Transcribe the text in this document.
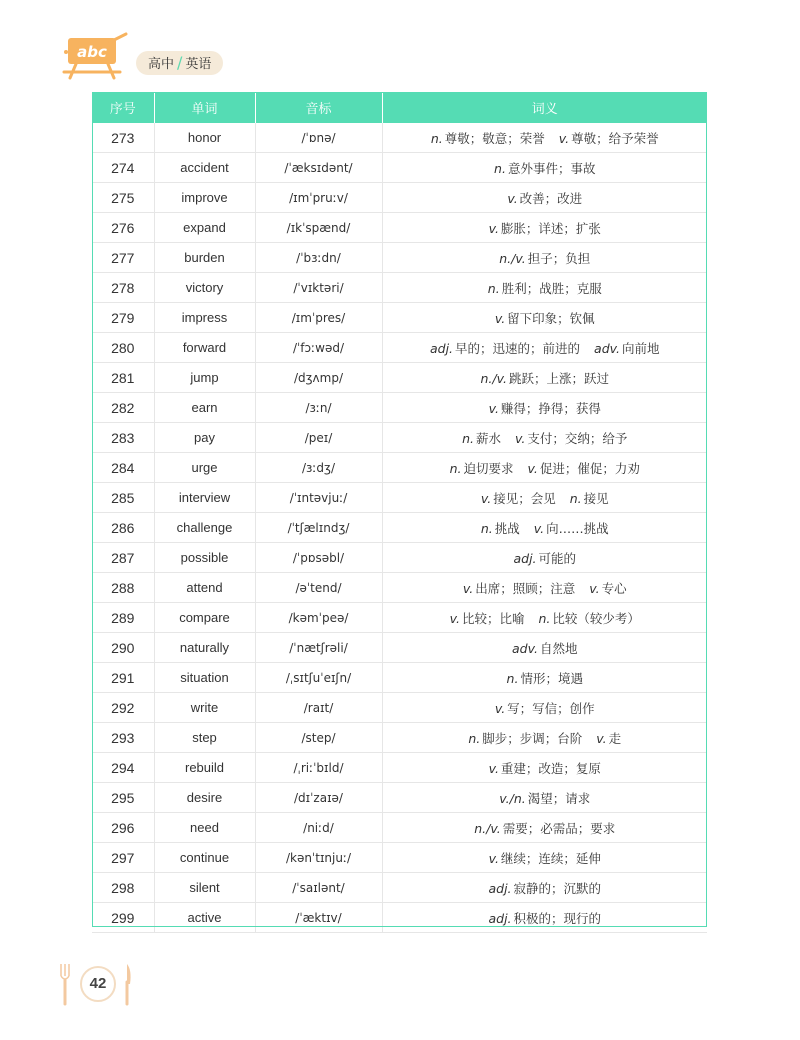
abc
高中 / 英语
序号	单词	音标	词义
273	honor	/ˈɒnə/	n. 尊敬；敬意；荣誉 v. 尊敬；给予荣誉
274	accident	/ˈæksɪdənt/	n. 意外事件；事故
275	improve	/ɪmˈpruːv/	v. 改善；改进
276	expand	/ɪkˈspænd/	v. 膨胀；详述；扩张
277	burden	/ˈbɜːdn/	n./v. 担子；负担
278	victory	/ˈvɪktəri/	n. 胜利；战胜；克服
279	impress	/ɪmˈpres/	v. 留下印象；钦佩
280	forward	/ˈfɔːwəd/	adj. 早的；迅速的；前进的 adv. 向前地
281	jump	/dʒʌmp/	n./v. 跳跃；上涨；跃过
282	earn	/ɜːn/	v. 赚得；挣得；获得
283	pay	/peɪ/	n. 薪水 v. 支付；交纳；给予
284	urge	/ɜːdʒ/	n. 迫切要求 v. 促进；催促；力劝
285	interview	/ˈɪntəvjuː/	v. 接见；会见 n. 接见
286	challenge	/ˈtʃælɪndʒ/	n. 挑战 v. 向……挑战
287	possible	/ˈpɒsəbl/	adj. 可能的
288	attend	/əˈtend/	v. 出席；照顾；注意 v. 专心
289	compare	/kəmˈpeə/	v. 比较；比喻 n. 比较（较少考）
290	naturally	/ˈnætʃrəli/	adv. 自然地
291	situation	/ˌsɪtʃuˈeɪʃn/	n. 情形；境遇
292	write	/raɪt/	v. 写；写信；创作
293	step	/step/	n. 脚步；步调；台阶 v. 走
294	rebuild	/ˌriːˈbɪld/	v. 重建；改造；复原
295	desire	/dɪˈzaɪə/	v./n. 渴望；请求
296	need	/niːd/	n./v. 需要；必需品；要求
297	continue	/kənˈtɪnjuː/	v. 继续；连续；延伸
298	silent	/ˈsaɪlənt/	adj. 寂静的；沉默的
299	active	/ˈæktɪv/	adj. 积极的；现行的
42
